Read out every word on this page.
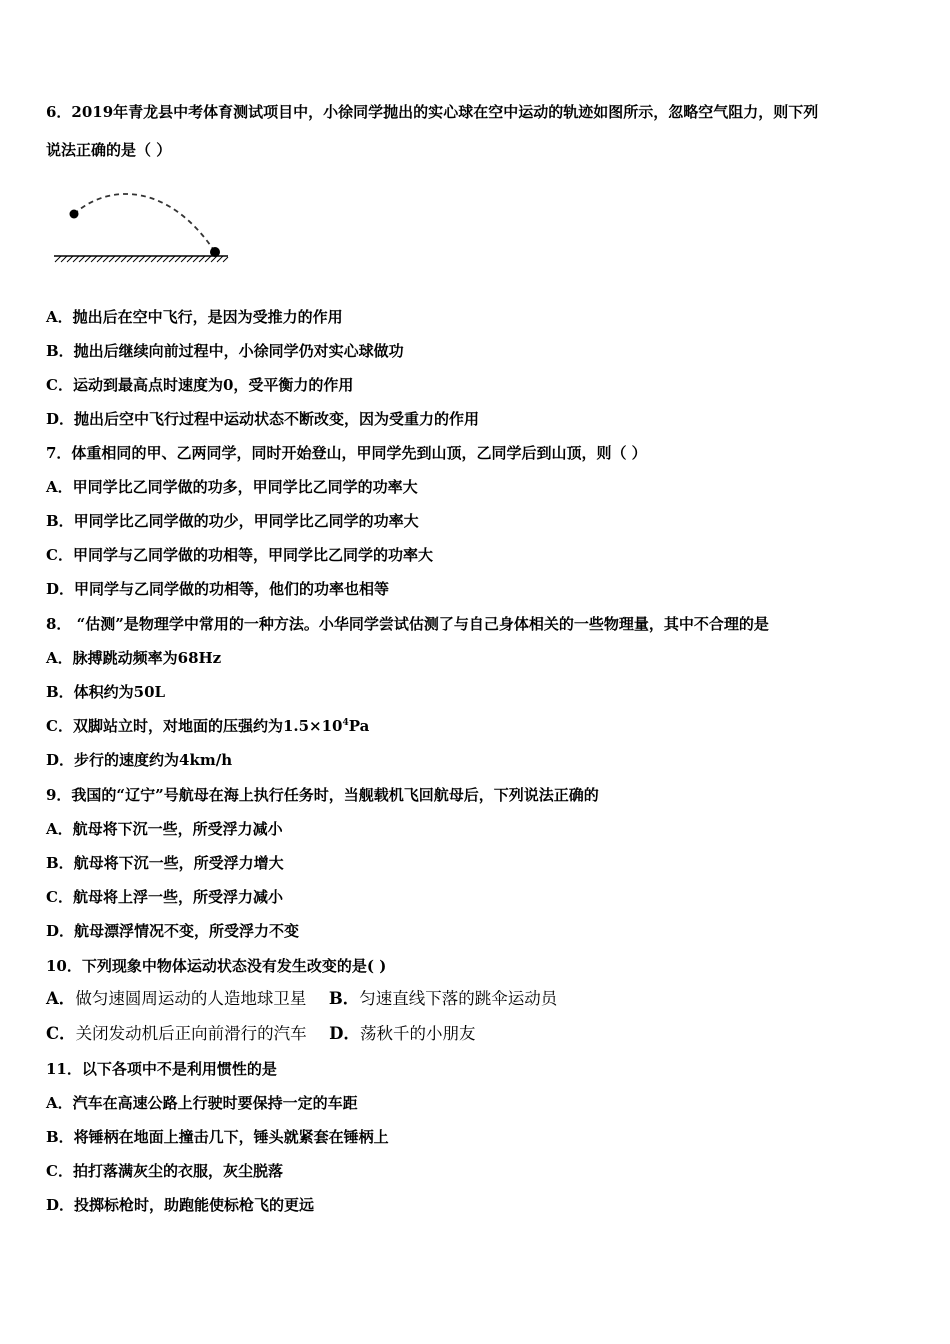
6．2019年青龙县中考体育测试项目中，小徐同学抛出的实心球在空中运动的轨迹如图所示，忽略空气阻力，则下列
说法正确的是（ ）
A．抛出后在空中飞行，是因为受推力的作用
B．抛出后继续向前过程中，小徐同学仍对实心球做功
C．运动到最高点时速度为0，受平衡力的作用
D．抛出后空中飞行过程中运动状态不断改变，因为受重力的作用
7．体重相同的甲、乙两同学，同时开始登山，甲同学先到山顶，乙同学后到山顶，则（ ）
A．甲同学比乙同学做的功多，甲同学比乙同学的功率大
B．甲同学比乙同学做的功少，甲同学比乙同学的功率大
C．甲同学与乙同学做的功相等，甲同学比乙同学的功率大
D．甲同学与乙同学做的功相等，他们的功率也相等
8． “估测”是物理学中常用的一种方法。小华同学尝试估测了与自己身体相关的一些物理量，其中不合理的是
A．脉搏跳动频率为68Hz
B．体积约为50L
C．双脚站立时，对地面的压强约为$1.5\times 10^4Pa$
D．步行的速度约为4km/h
9．我国的“辽宁”号航母在海上执行任务时，当舰载机飞回航母后，下列说法正确的
A．航母将下沉一些，所受浮力减小
B．航母将下沉一些，所受浮力增大
C．航母将上浮一些，所受浮力减小
D．航母漂浮情况不变，所受浮力不变
10．下列现象中物体运动状态没有发生改变的是( )
A．做匀速圆周运动的人造地球卫星 B．匀速直线下落的跳伞运动员
C．关闭发动机后正向前滑行的汽车 D．荡秋千的小朋友
11．以下各项中不是利用惯性的是
A．汽车在高速公路上行驶时要保持一定的车距
B．将锤柄在地面上撞击几下，锤头就紧套在锤柄上
C．拍打落满灰尘的衣服，灰尘脱落
D．投掷标枪时，助跑能使标枪飞的更远
